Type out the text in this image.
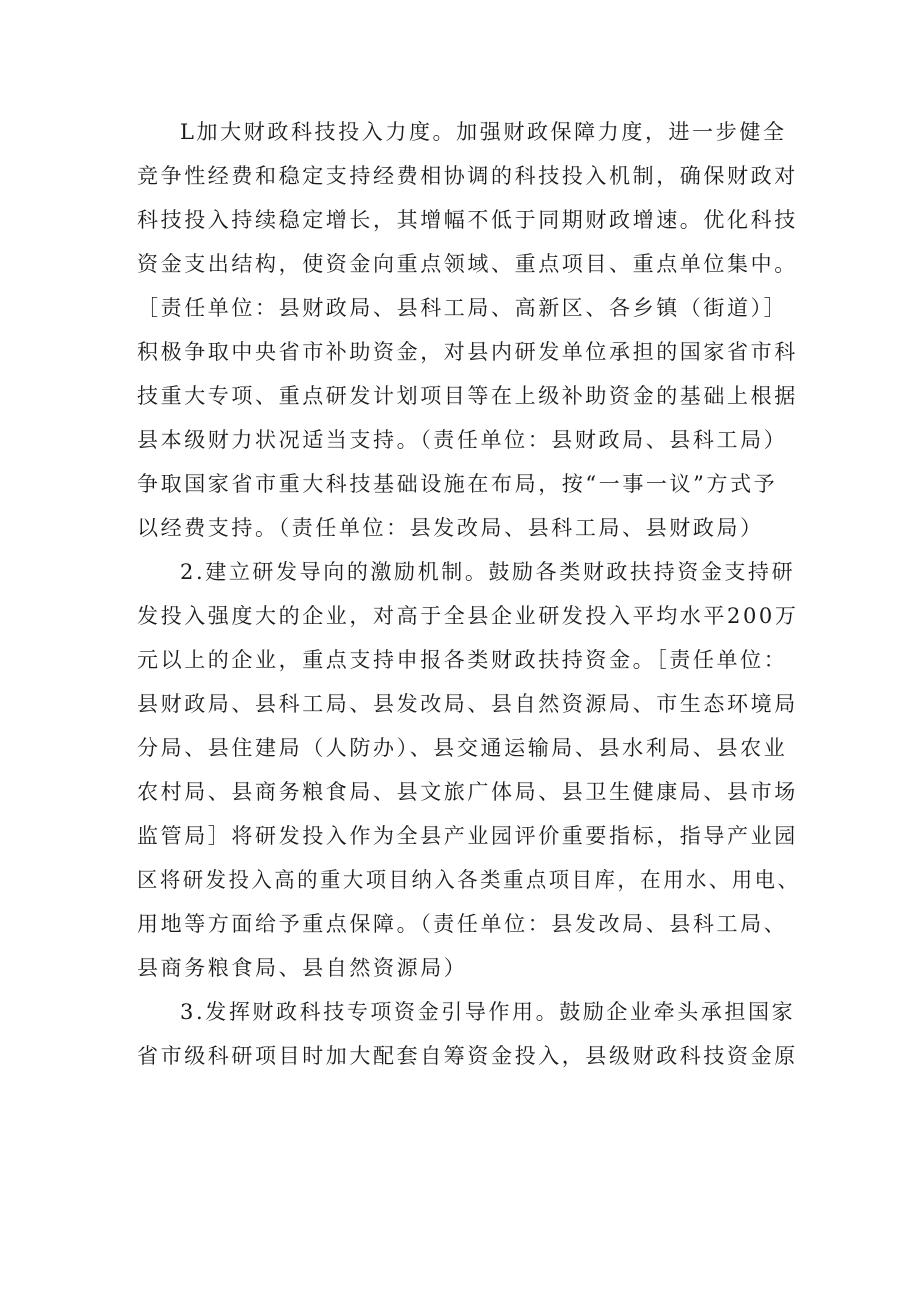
L加大财政科技投入力度。加强财政保障力度，进一步健全
竞争性经费和稳定支持经费相协调的科技投入机制，确保财政对
科技投入持续稳定增长，其增幅不低于同期财政增速。优化科技
资金支出结构，使资金向重点领域、重点项目、重点单位集中。
［责任单位：县财政局、县科工局、高新区、各乡镇（街道）］
积极争取中央省市补助资金，对县内研发单位承担的国家省市科
技重大专项、重点研发计划项目等在上级补助资金的基础上根据
县本级财力状况适当支持。（责任单位：县财政局、县科工局）
争取国家省市重大科技基础设施在布局，按“一事一议”方式予
以经费支持。（责任单位：县发改局、县科工局、县财政局）
2.建立研发导向的激励机制。鼓励各类财政扶持资金支持研
发投入强度大的企业，对高于全县企业研发投入平均水平200万
元以上的企业，重点支持申报各类财政扶持资金。［责任单位：
县财政局、县科工局、县发改局、县自然资源局、市生态环境局
分局、县住建局（人防办）、县交通运输局、县水利局、县农业
农村局、县商务粮食局、县文旅广体局、县卫生健康局、县市场
监管局］将研发投入作为全县产业园评价重要指标，指导产业园
区将研发投入高的重大项目纳入各类重点项目库，在用水、用电、
用地等方面给予重点保障。（责任单位：县发改局、县科工局、
县商务粮食局、县自然资源局）
3.发挥财政科技专项资金引导作用。鼓励企业牵头承担国家
省市级科研项目时加大配套自筹资金投入，县级财政科技资金原
